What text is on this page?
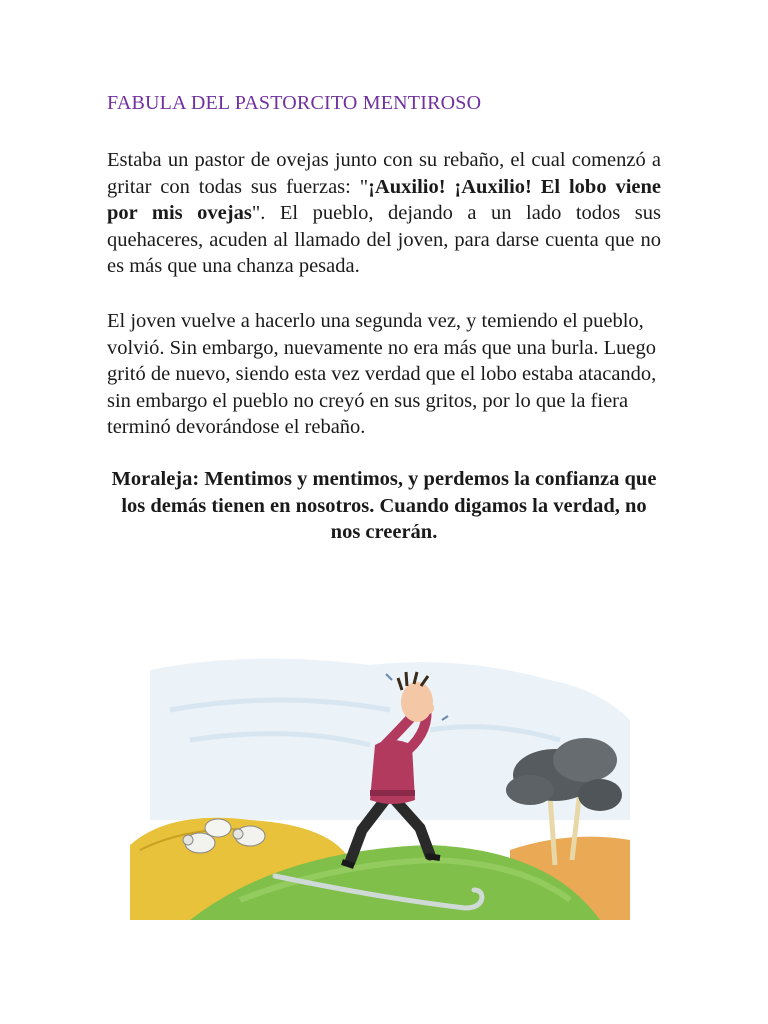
FABULA DEL PASTORCITO MENTIROSO

Estaba un pastor de ovejas junto con su rebaño, el cual comenzó a gritar con todas sus fuerzas: "¡Auxilio! ¡Auxilio! El lobo viene por mis ovejas". El pueblo, dejando a un lado todos sus quehaceres, acuden al llamado del joven, para darse cuenta que no es más que una chanza pesada.

El joven vuelve a hacerlo una segunda vez, y temiendo el pueblo, volvió. Sin embargo, nuevamente no era más que una burla. Luego gritó de nuevo, siendo esta vez verdad que el lobo estaba atacando, sin embargo el pueblo no creyó en sus gritos, por lo que la fiera terminó devorándose el rebaño.

Moraleja: Mentimos y mentimos, y perdemos la confianza que los demás tienen en nosotros. Cuando digamos la verdad, no nos creerán.
